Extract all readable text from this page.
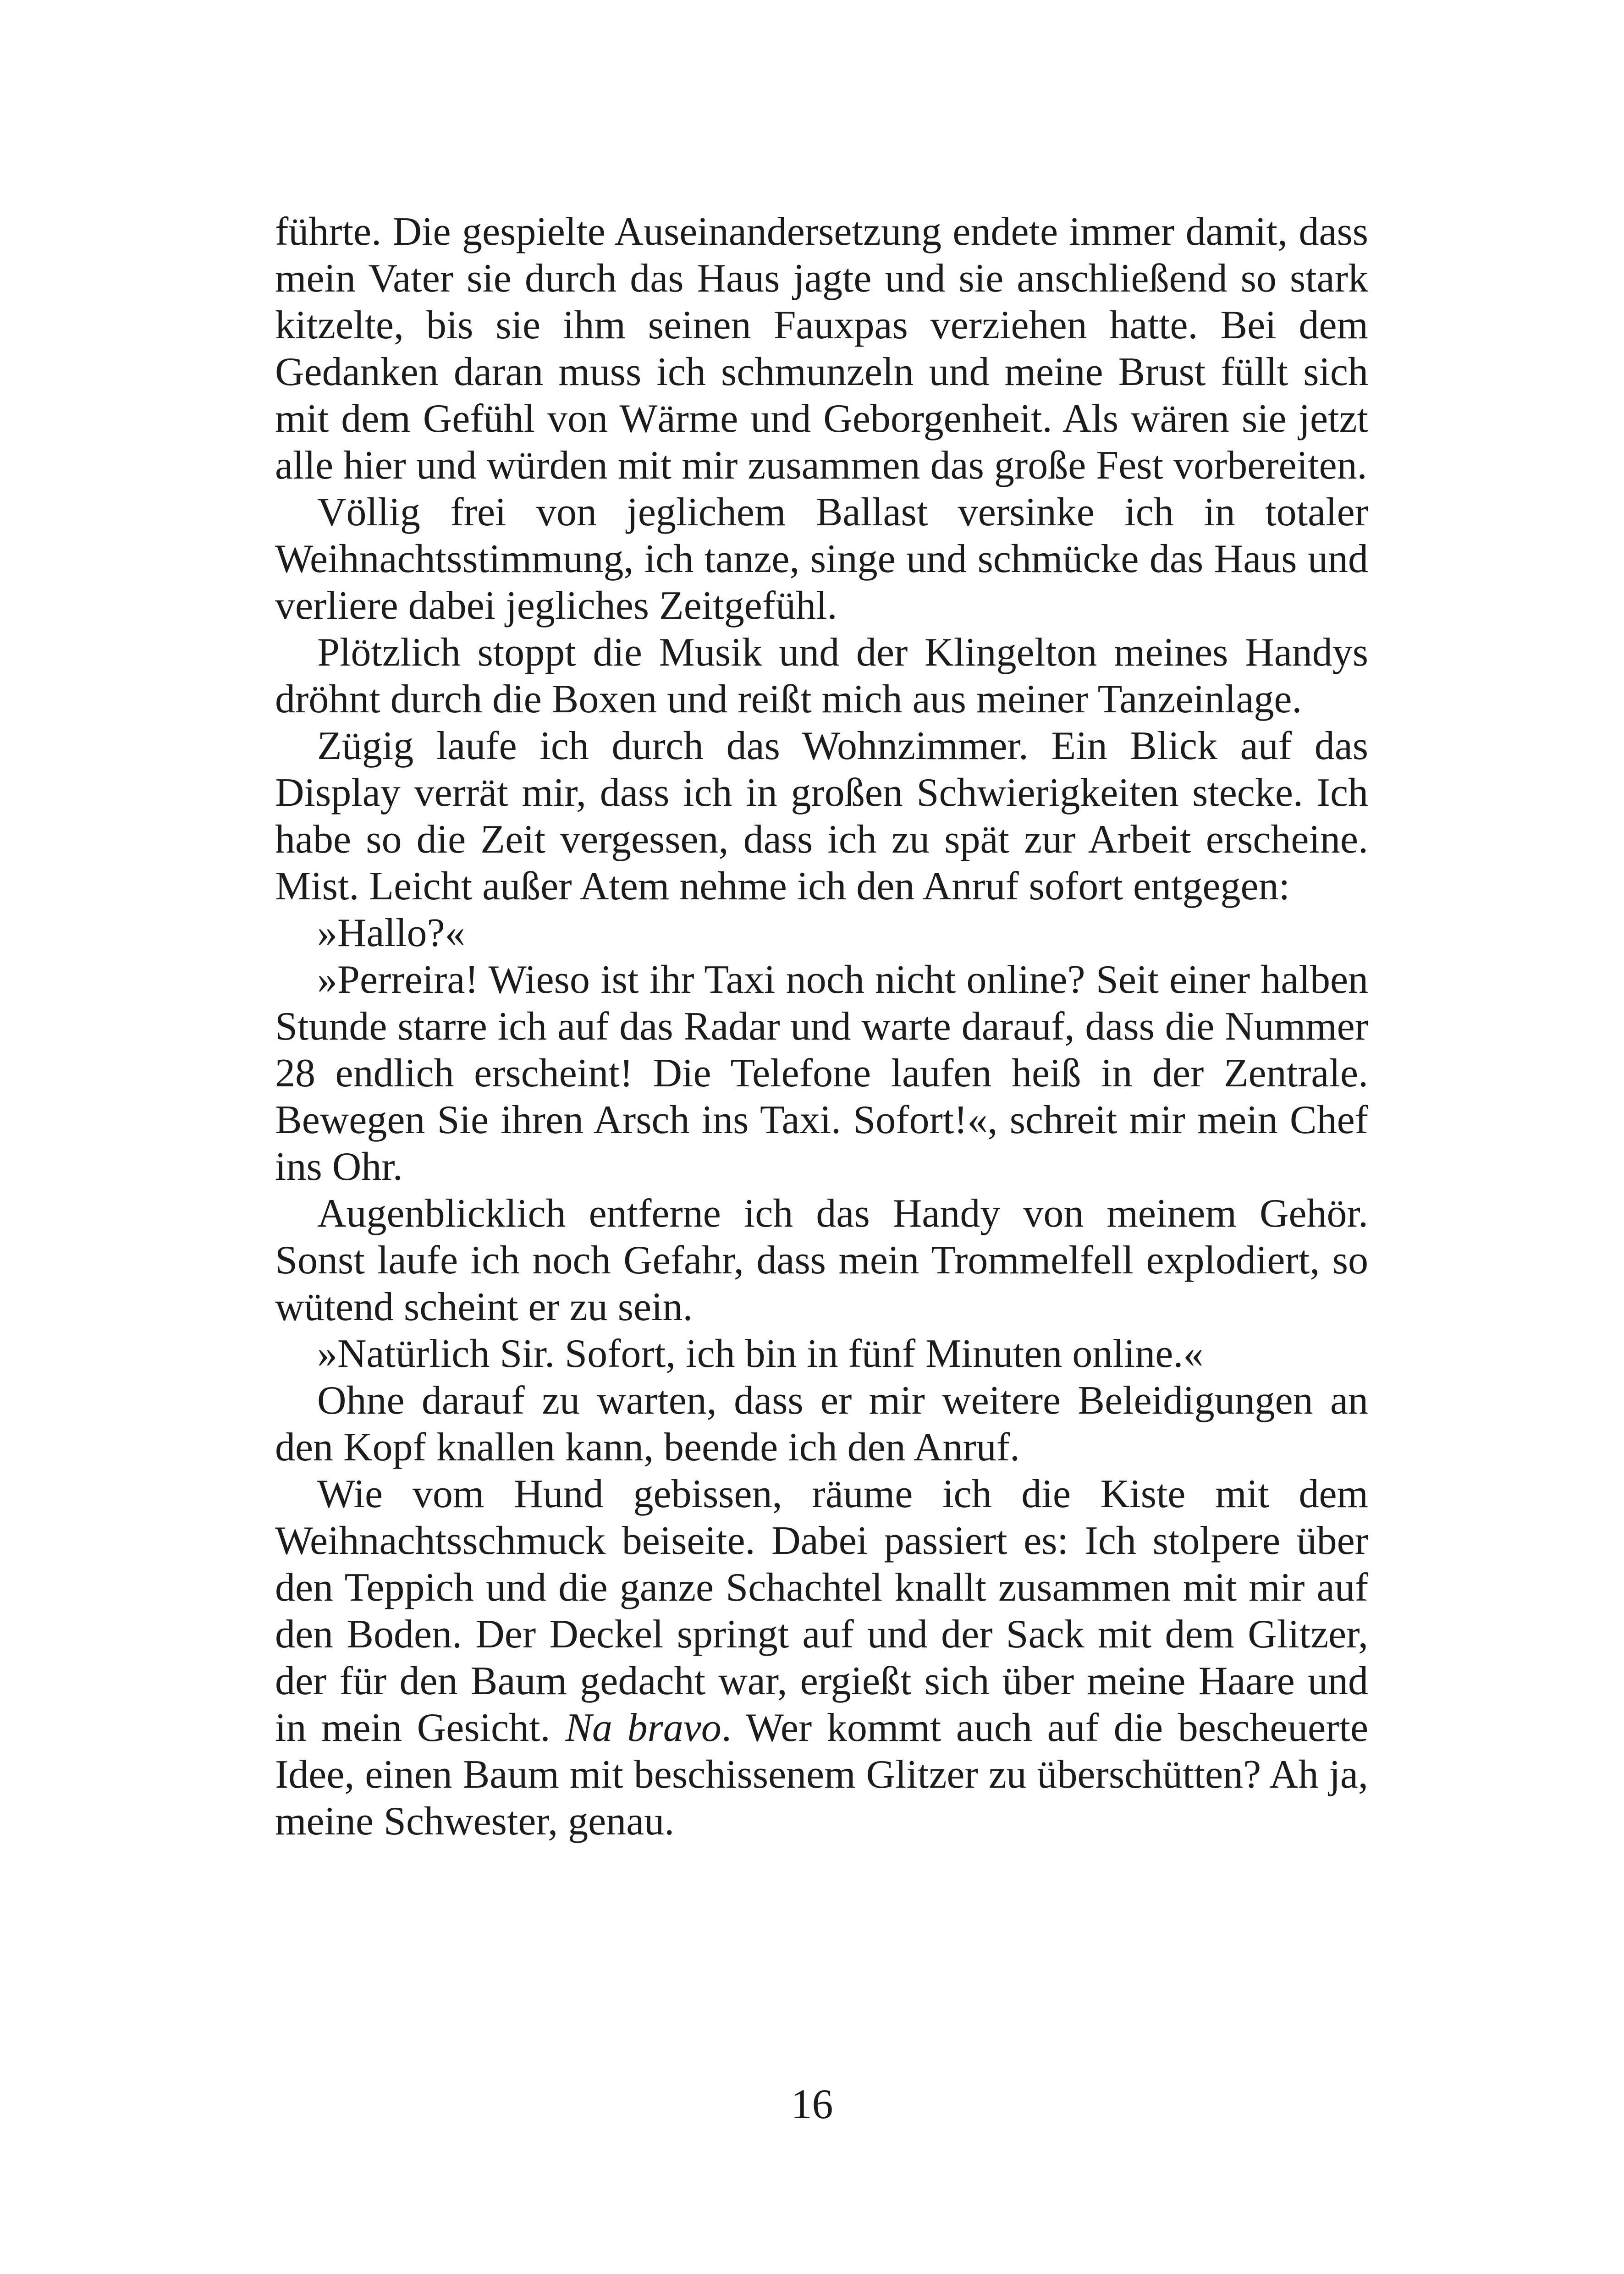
führte. Die gespielte Auseinandersetzung endete immer damit, dass mein Vater sie durch das Haus jagte und sie anschließend so stark kitzelte, bis sie ihm seinen Fauxpas verziehen hatte. Bei dem Gedanken daran muss ich schmunzeln und meine Brust füllt sich mit dem Gefühl von Wärme und Geborgenheit. Als wären sie jetzt alle hier und würden mit mir zusammen das große Fest vorbereiten.

Völlig frei von jeglichem Ballast versinke ich in totaler Weihnachtsstimmung, ich tanze, singe und schmücke das Haus und verliere dabei jegliches Zeitgefühl.

Plötzlich stoppt die Musik und der Klingelton meines Handys dröhnt durch die Boxen und reißt mich aus meiner Tanzeinlage.

Zügig laufe ich durch das Wohnzimmer. Ein Blick auf das Display verrät mir, dass ich in großen Schwierigkeiten stecke. Ich habe so die Zeit vergessen, dass ich zu spät zur Arbeit erscheine. Mist. Leicht außer Atem nehme ich den Anruf sofort entgegen:

»Hallo?«

»Perreira! Wieso ist ihr Taxi noch nicht online? Seit einer halben Stunde starre ich auf das Radar und warte darauf, dass die Nummer 28 endlich erscheint! Die Telefone laufen heiß in der Zentrale. Bewegen Sie ihren Arsch ins Taxi. Sofort!«, schreit mir mein Chef ins Ohr.

Augenblicklich entferne ich das Handy von meinem Gehör. Sonst laufe ich noch Gefahr, dass mein Trommelfell explodiert, so wütend scheint er zu sein.

»Natürlich Sir. Sofort, ich bin in fünf Minuten online.«

Ohne darauf zu warten, dass er mir weitere Beleidigungen an den Kopf knallen kann, beende ich den Anruf.

Wie vom Hund gebissen, räume ich die Kiste mit dem Weihnachtsschmuck beiseite. Dabei passiert es: Ich stolpere über den Teppich und die ganze Schachtel knallt zusammen mit mir auf den Boden. Der Deckel springt auf und der Sack mit dem Glitzer, der für den Baum gedacht war, ergießt sich über meine Haare und in mein Gesicht. Na bravo. Wer kommt auch auf die bescheuerte Idee, einen Baum mit beschissenem Glitzer zu überschütten? Ah ja, meine Schwester, genau.

16
